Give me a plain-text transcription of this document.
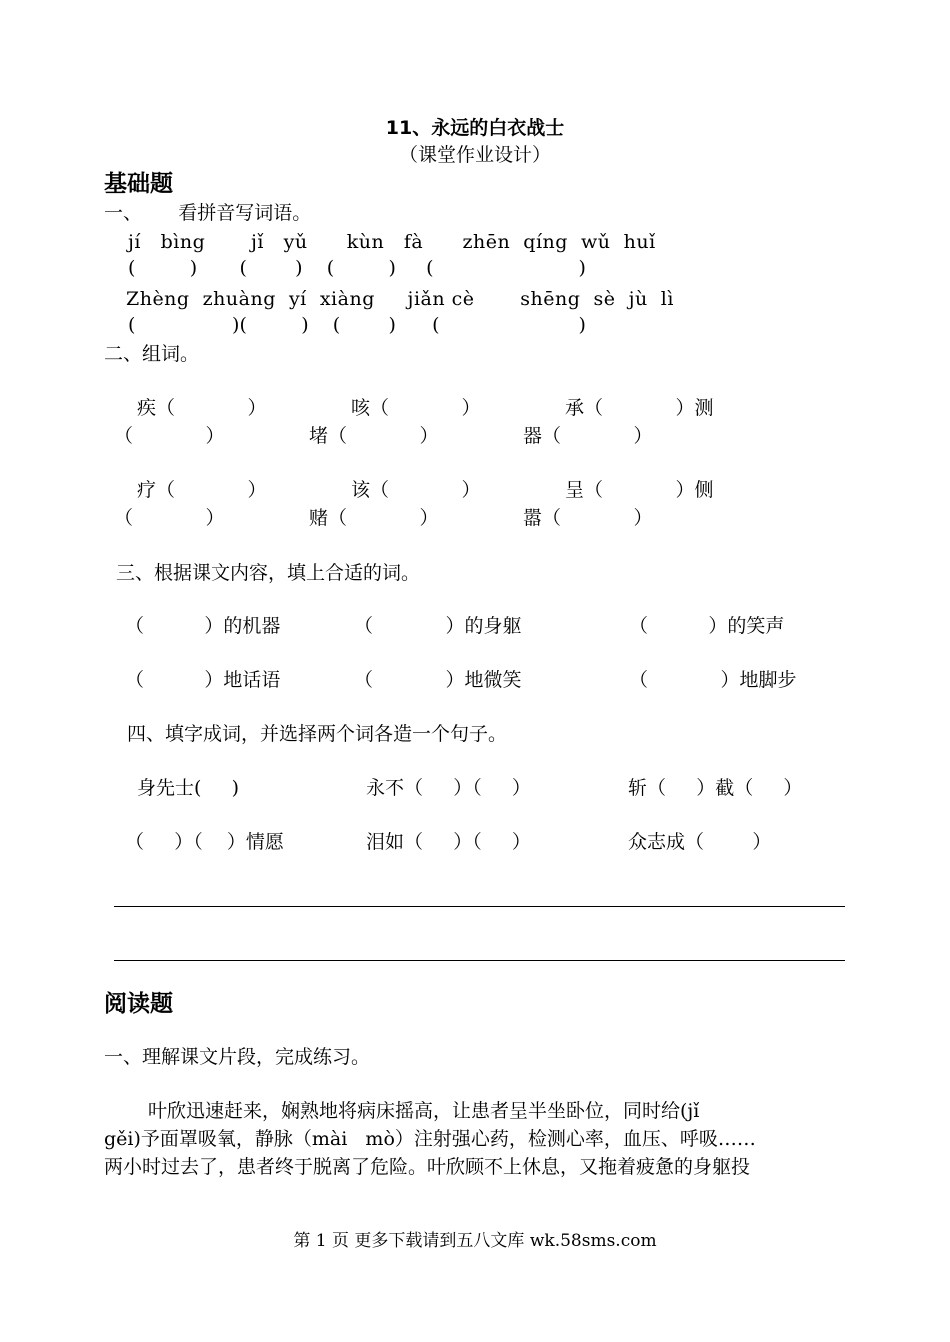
11、永远的白衣战士
（课堂作业设计）
基础题
一、      看拼音写词语。
jí   bìng       jǐ   yǔ      kùn   fà      zhēn  qíng  wǔ  huǐ
(         )       (        )    (         )     (                        )
Zhèng  zhuàng  yí  xiàng     jiǎn cè       shēng  sè  jù  lì
(                )(         )    (        )      (                       )
二、组词。
疾（            ）              咳（            ）              承（            ）测
（            ）              堵（            ）              器（            ）
疗（            ）              该（            ）              呈（            ）侧
（            ）              赌（            ）              嚣（            ）
三、根据课文内容，填上合适的词。
（          ）的机器	（            ）的身躯	（          ）的笑声
（          ）地话语	（            ）地微笑	（            ）地脚步
四、填字成词，并选择两个词各造一个句子。
身先士(     )	永不（     ）（     ）	斩（     ）截（     ）
（     ）（    ）情愿	泪如（     ）（     ）	众志成（        ）
阅读题
一、理解课文片段，完成练习。
叶欣迅速赶来，娴熟地将病床摇高，让患者呈半坐卧位，同时给(jǐ
gěi)予面罩吸氧，静脉（mài   mò）注射强心药，检测心率，血压、呼吸……
两小时过去了，患者终于脱离了危险。叶欣顾不上休息，又拖着疲惫的身躯投
第 1 页 更多下载请到五八文库 wk.58sms.com
